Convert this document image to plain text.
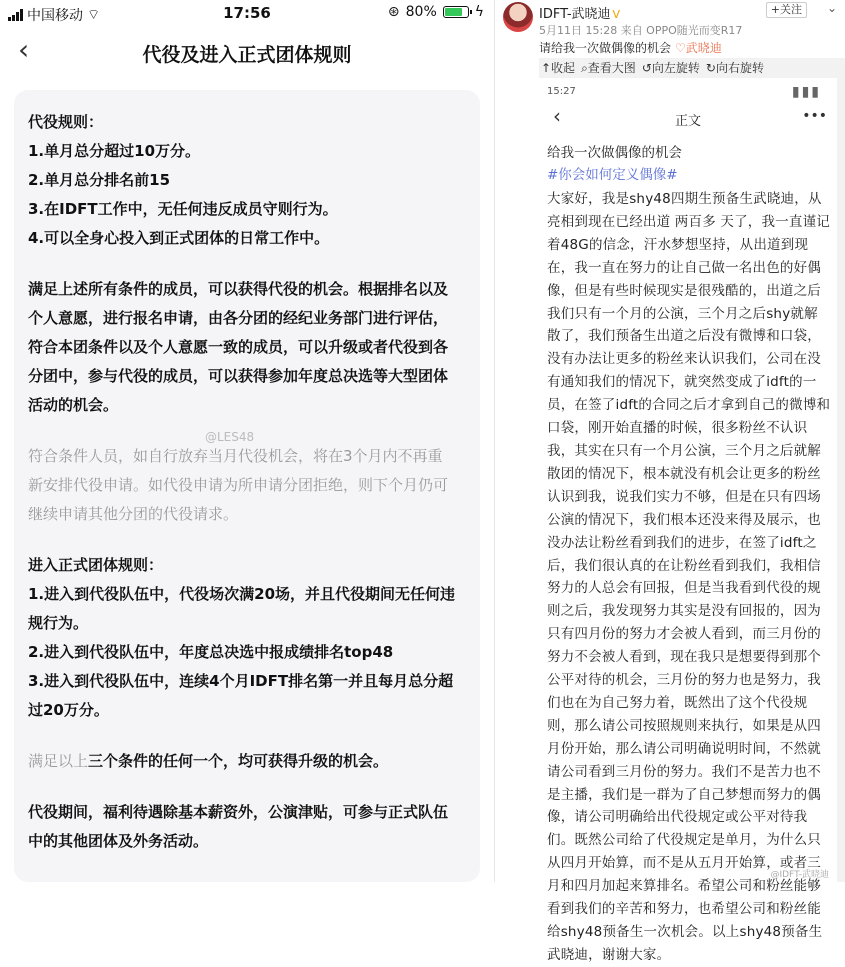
中国移动 ⌔	17:56	⊛ 80%	ϟ
‹	代役及进入正式团体规则

代役规则：

1.单月总分超过10万分。

2.单月总分排名前15

3.在IDFT工作中，无任何违反成员守则行为。

4.可以全身心投入到正式团体的日常工作中。

满足上述所有条件的成员，可以获得代役的机会。根据排名以及

个人意愿，进行报名申请，由各分团的经纪业务部门进行评估，

符合本团条件以及个人意愿一致的成员，可以升级或者代役到各

分团中，参与代役的成员，可以获得参加年度总决选等大型团体

活动的机会。

符合条件人员，如自行放弃当月代役机会，将在3个月内不再重

新安排代役申请。如代役申请为所申请分团拒绝，则下个月仍可

继续申请其他分团的代役请求。

进入正式团体规则：

1.进入到代役队伍中，代役场次满20场，并且代役期间无任何违

规行为。

2.进入到代役队伍中，年度总决选中报成绩排名top48

3.进入到代役队伍中，连续4个月IDFT排名第一并且每月总分超

过20万分。

满足以上三个条件的任何一个，均可获得升级的机会。

代役期间，福利待遇除基本薪资外，公演津贴，可参与正式队伍

中的其他团体及外务活动。

@LES48
IDFT-武晓迪 V
5月11日 15:28 来自 OPPO随光而变R17
+关注	⌄
请给我一次做偶像的机会 ♡武晓迪
↑收起 ⌕查看大图 ↺向左旋转 ↻向右旋转
15:27	▮▮▮
‹	正文	•••
给我一次做偶像的机会
#你会如何定义偶像#
大家好，我是shy48四期生预备生武晓迪，从亮相到现在已经出道 两百多 天了，我一直谨记着48G的信念，汗水梦想坚持，从出道到现在，我一直在努力的让自己做一名出色的好偶像，但是有些时候现实是很残酷的，出道之后我们只有一个月的公演，三个月之后shy就解散了，我们预备生出道之后没有微博和口袋，没有办法让更多的粉丝来认识我们，公司在没有通知我们的情况下，就突然变成了idft的一员，在签了idft的合同之后才拿到自己的微博和口袋，刚开始直播的时候，很多粉丝不认识我，其实在只有一个月公演，三个月之后就解散团的情况下，根本就没有机会让更多的粉丝认识到我，说我们实力不够，但是在只有四场公演的情况下，我们根本还没来得及展示，也没办法让粉丝看到我们的进步，在签了idft之后，我们很认真的在让粉丝看到我们，我相信努力的人总会有回报，但是当我看到代役的规则之后，我发现努力其实是没有回报的，因为只有四月份的努力才会被人看到，而三月份的努力不会被人看到，现在我只是想要得到那个公平对待的机会，三月份的努力也是努力，我们也在为自己努力着，既然出了这个代役规则，那么请公司按照规则来执行，如果是从四月份开始，那么请公司明确说明时间，不然就请公司看到三月份的努力。我们不是苦力也不是主播，我们是一群为了自己梦想而努力的偶像，请公司明确给出代役规定或公平对待我们。既然公司给了代役规定是单月，为什么只从四月开始算，而不是从五月开始算，或者三月和四月加起来算排名。希望公司和粉丝能够看到我们的辛苦和努力，也希望公司和粉丝能给shy48预备生一次机会。以上shy48预备生武晓迪，谢谢大家。
@IDFT-武晓迪
